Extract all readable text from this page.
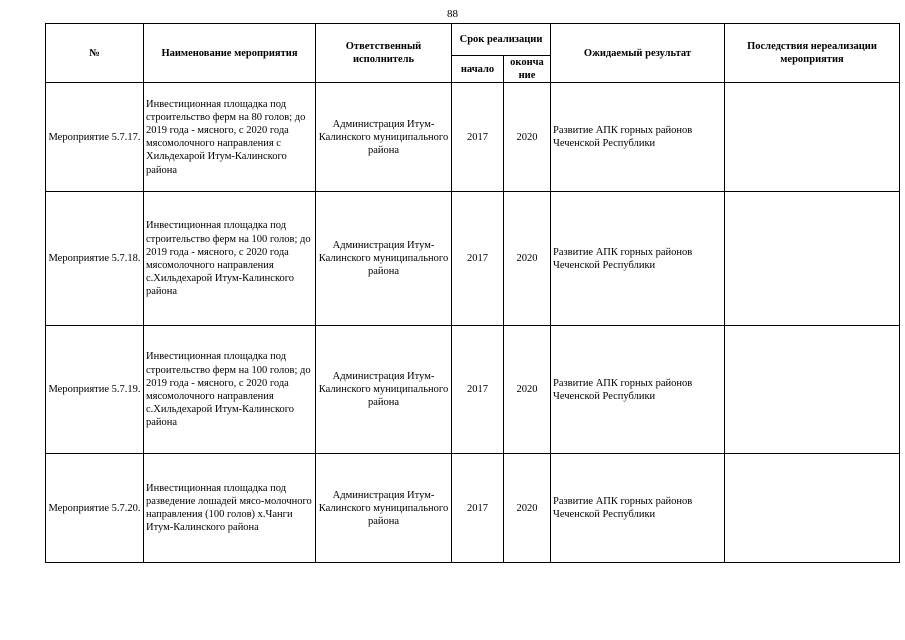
88
№	Наименование мероприятия	Ответственный исполнитель	Срок реализации		Ожидаемый результат	Последствия нереализации мероприятия
			начало	оконча ние		
Мероприятие 5.7.17.	Инвестиционная площадка под строительство ферм на 80 голов; до 2019 года - мясного, с 2020 года мясомолочного направления с Хильдехарой Итум-Калинского района	Администрация Итум-Калинского муниципального района	2017	2020	Развитие АПК горных районов Чеченской Республики	
Мероприятие 5.7.18.	Инвестиционная площадка под строительство ферм на 100 голов; до 2019 года - мясного, с 2020 года мясомолочного направления с.Хильдехарой Итум-Калинского района	Администрация Итум-Калинского муниципального района	2017	2020	Развитие АПК горных районов Чеченской Республики	
Мероприятие 5.7.19.	Инвестиционная площадка под строительство ферм на 100 голов; до 2019 года - мясного, с 2020 года мясомолочного направления с.Хильдехарой Итум-Калинского района	Администрация Итум-Калинского муниципального района	2017	2020	Развитие АПК горных районов Чеченской Республики	
Мероприятие 5.7.20.	Инвестиционная площадка под разведение лошадей мясо-молочного направления (100 голов) х.Чанги Итум-Калинского района	Администрация Итум-Калинского муниципального района	2017	2020	Развитие АПК горных районов Чеченской Республики	
